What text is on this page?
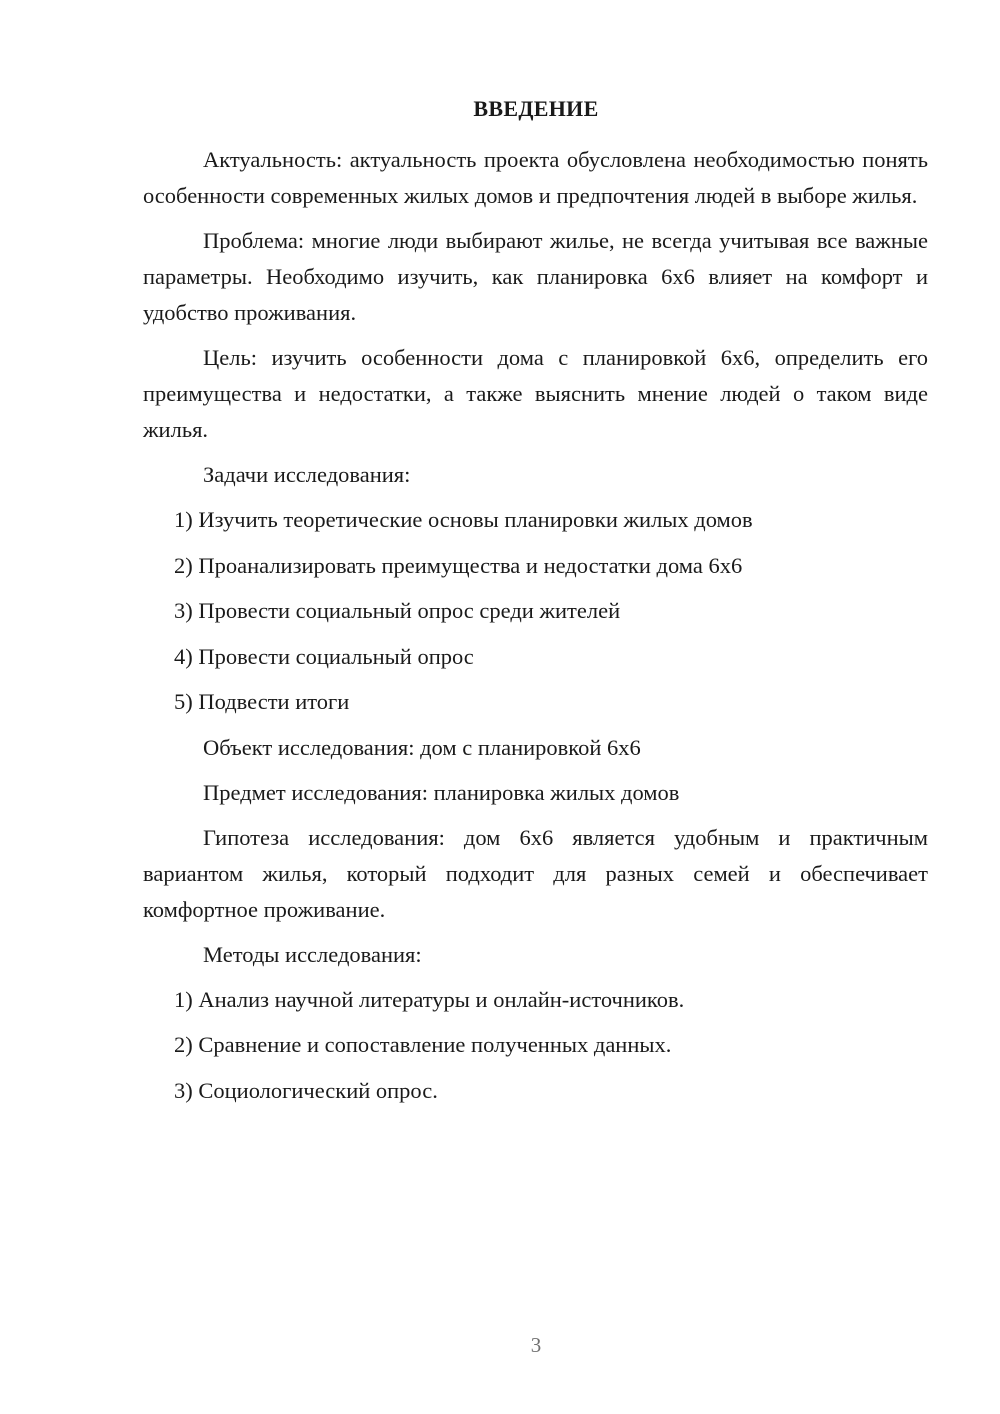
ВВЕДЕНИЕ

Актуальность: актуальность проекта обусловлена необходимостью понять особенности современных жилых домов и предпочтения людей в выборе жилья.

Проблема: многие люди выбирают жилье, не всегда учитывая все важные параметры. Необходимо изучить, как планировка 6х6 влияет на комфорт и удобство проживания.

Цель: изучить особенности дома с планировкой 6х6, определить его преимущества и недостатки, а также выяснить мнение людей о таком виде жилья.

Задачи исследования:

1) Изучить теоретические основы планировки жилых домов
2) Проанализировать преимущества и недостатки дома 6х6
3) Провести социальный опрос среди жителей
4) Провести социальный опрос
5) Подвести итоги

Объект исследования: дом с планировкой 6х6

Предмет исследования: планировка жилых домов

Гипотеза исследования: дом 6х6 является удобным и практичным вариантом жилья, который подходит для разных семей и обеспечивает комфортное проживание.

Методы исследования:

1) Анализ научной литературы и онлайн-источников.
2) Сравнение и сопоставление полученных данных.
3) Социологический опрос.
3
